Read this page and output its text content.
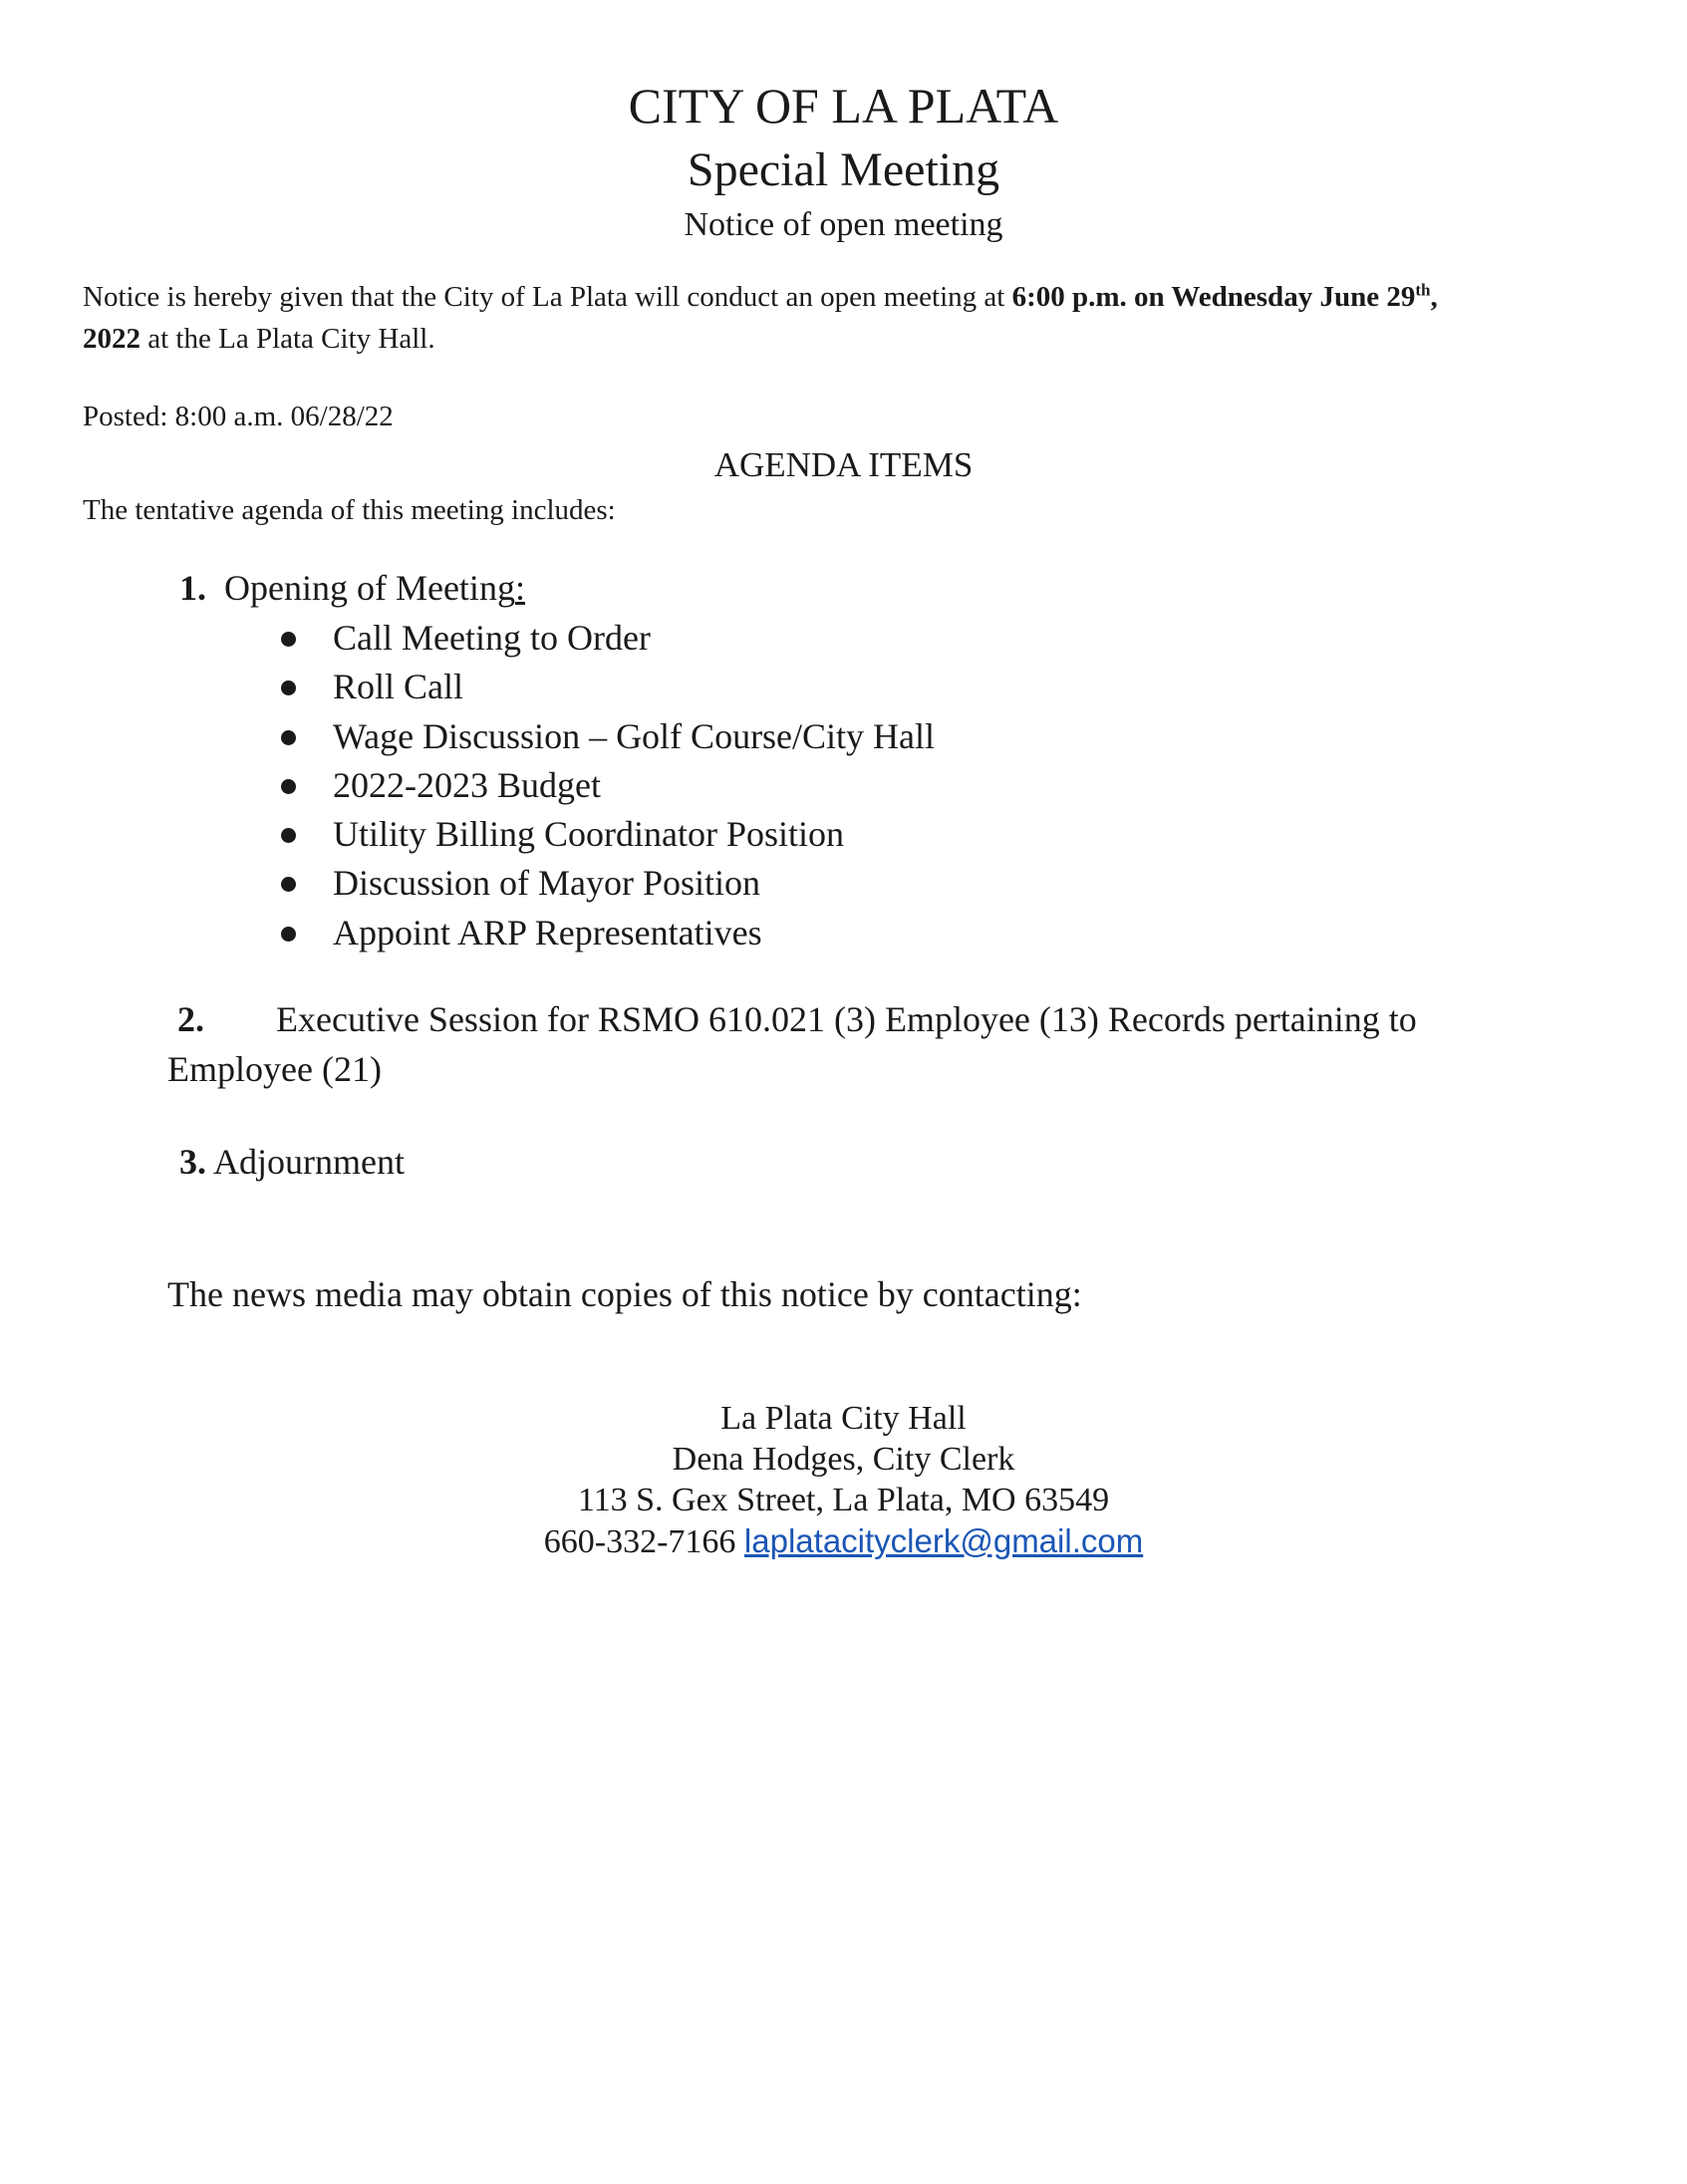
CITY OF LA PLATA
Special Meeting
Notice of open meeting
Notice is hereby given that the City of La Plata will conduct an open meeting at 6:00 p.m. on Wednesday June 29th,
2022 at the La Plata City Hall.
Posted: 8:00 a.m. 06/28/22
AGENDA ITEMS
The tentative agenda of this meeting includes:
1. Opening of Meeting:
Call Meeting to Order
Roll Call
Wage Discussion – Golf Course/City Hall
2022-2023 Budget
Utility Billing Coordinator Position
Discussion of Mayor Position
Appoint ARP Representatives
2. Executive Session for RSMO 610.021 (3) Employee (13) Records pertaining to
Employee (21)
3. Adjournment
The news media may obtain copies of this notice by contacting:
La Plata City Hall
Dena Hodges, City Clerk
113 S. Gex Street, La Plata, MO 63549
660-332-7166 laplatacityclerk@gmail.com
